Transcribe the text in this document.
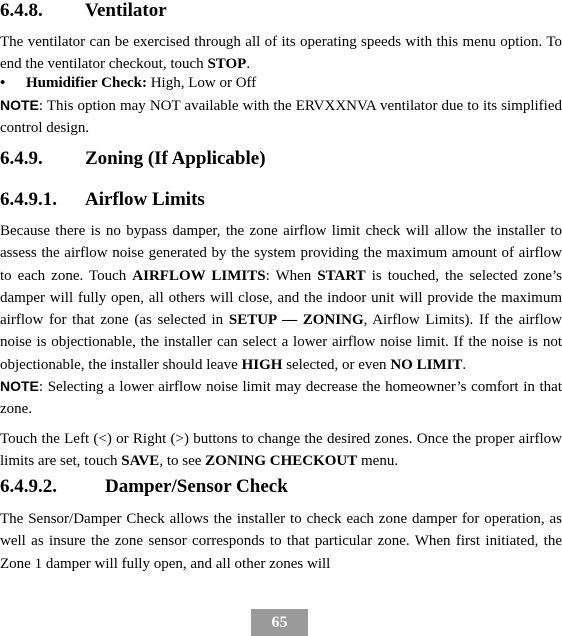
6.4.8. Ventilator
The ventilator can be exercised through all of its operating speeds with this menu option. To end the ventilator checkout, touch STOP.
• Humidifier Check: High, Low or Off
NOTE: This option may NOT available with the ERVXXNVA ventilator due to its simplified control design.
6.4.9. Zoning (If Applicable)
6.4.9.1. Airflow Limits
Because there is no bypass damper, the zone airflow limit check will allow the installer to assess the airflow noise generated by the system providing the maximum amount of airflow to each zone. Touch AIRFLOW LIMITS: When START is touched, the selected zone’s damper will fully open, all others will close, and the indoor unit will provide the maximum airflow for that zone (as selected in SETUP — ZONING, Airflow Limits). If the airflow noise is objectionable, the installer can select a lower airflow noise limit. If the noise is not objectionable, the installer should leave HIGH selected, or even NO LIMIT.
NOTE: Selecting a lower airflow noise limit may decrease the homeowner’s comfort in that zone.
Touch the Left (<) or Right (>) buttons to change the desired zones. Once the proper airflow limits are set, touch SAVE, to see ZONING CHECKOUT menu.
6.4.9.2.	Damper/Sensor Check
The Sensor/Damper Check allows the installer to check each zone damper for operation, as well as insure the zone sensor corresponds to that particular zone. When first initiated, the Zone 1 damper will fully open, and all other zones will
65
